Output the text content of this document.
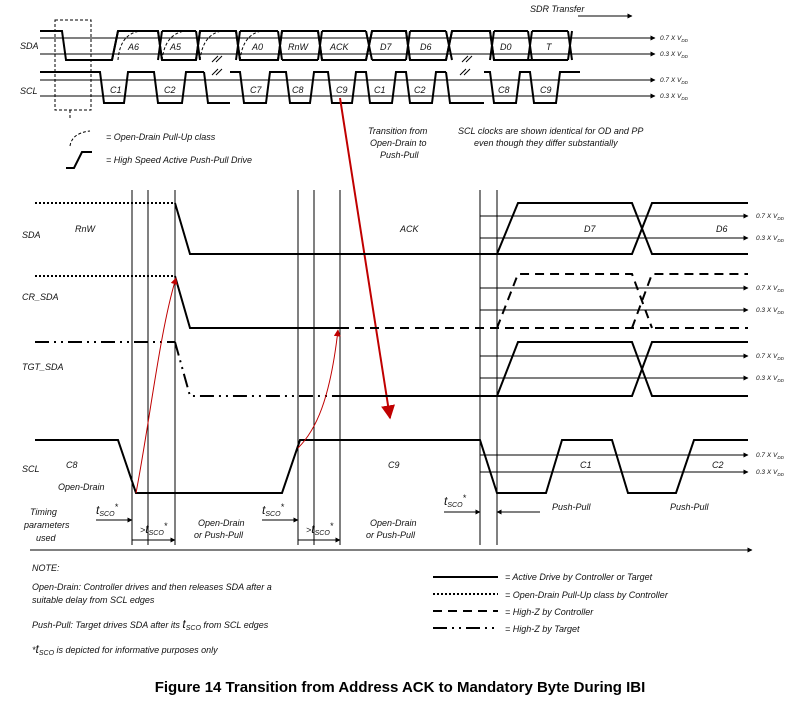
SDR Transfer
SDA
SCL
0.7 X $V_{DD}$
0.3 X $V_{DD}$
0.7 X $V_{DD}$
0.3 X $V_{DD}$
A6	A5	A0	RnW ACK	D7	D6	D0	T
C1	C2	C7	C8	C9	C1	C2	C8	C9
= Open-Drain Pull-Up class
= High Speed Active Push-Pull Drive
Transition from
Open-Drain to
Push-Pull
SCL clocks are shown identical for OD and PP
even though they differ substantially
0.7 X $V_{DD}$
0.3 X $V_{DD}$
0.7 X $V_{DD}$
0.3 X $V_{DD}$
0.7 X $V_{DD}$
0.3 X $V_{DD}$
0.7 X $V_{DD}$
0.3 X $V_{DD}$
SDA
RnW	ACK	D7	D6
CR_SDA
TGT_SDA
SCL	C8
Open-Drain
C9	C1	C2
Timing
parameters
used
$t_{SCO}*$
$>t_{SCO}*$	Open-Drain
or Push-Pull
$t_{SCO}*$
$>t_{SCO}*$	Open-Drain
or Push-Pull
$t_{SCO}*$
Push-Pull	Push-Pull
NOTE:
Open-Drain: Controller drives and then releases SDA after a
suitable delay from SCL edges
Push-Pull: Target drives SDA after its $t_{SCO}$ from SCL edges
$*t_{SCO}$ is depicted for informative purposes only
= Active Drive by Controller or Target
= Open-Drain Pull-Up class by Controller
= High-Z by Controller
= High-Z by Target
Figure 14 Transition from Address ACK to Mandatory Byte During IBI
